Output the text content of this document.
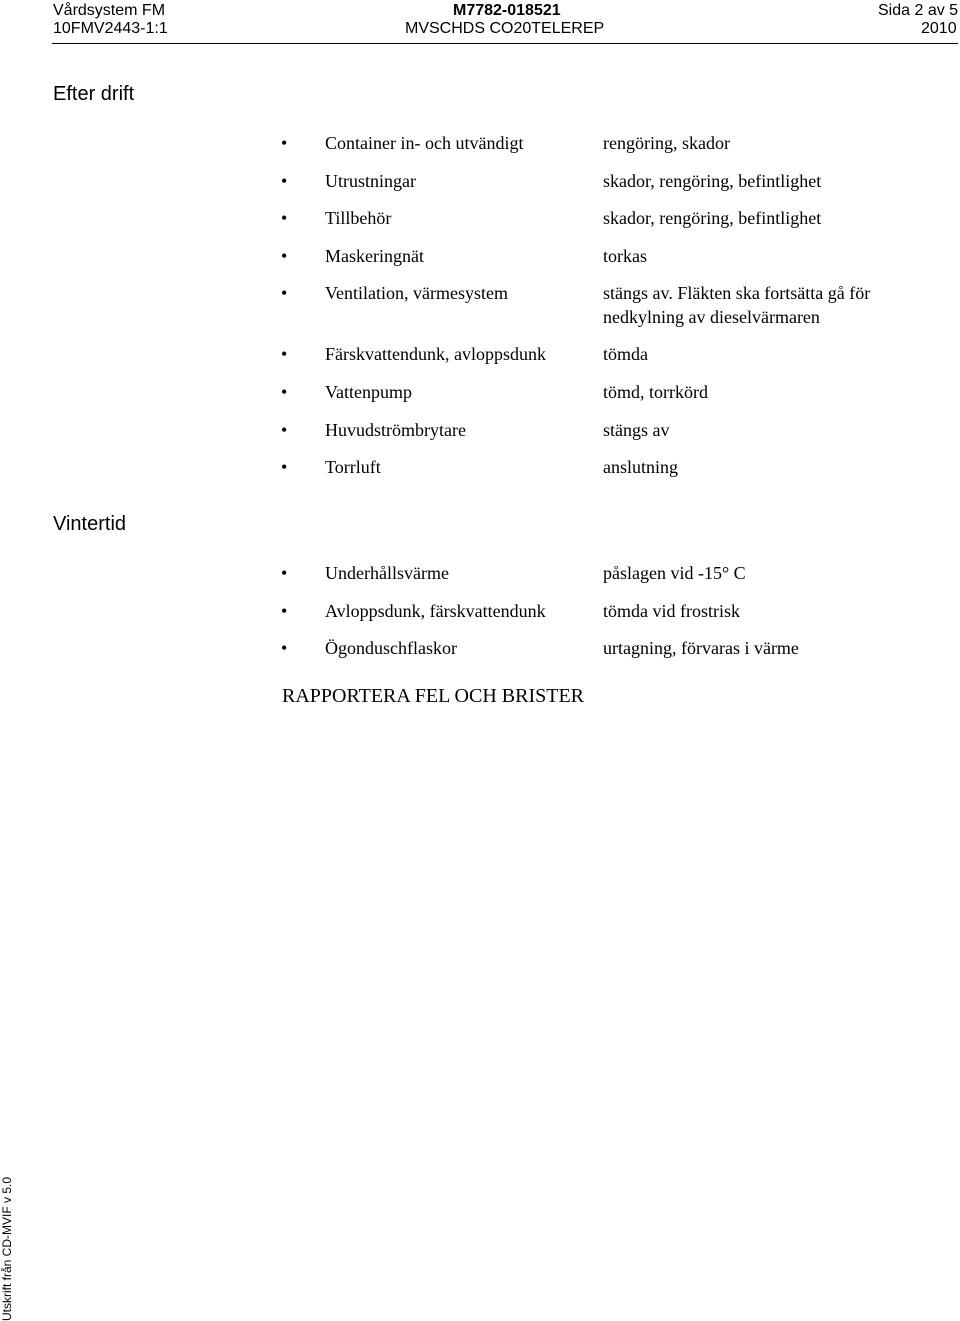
Vårdsystem FM	M7782-018521	Sida 2 av 5
10FMV2443-1:1	MVSCHDS CO20TELEREP	2010
Efter drift
• Container in- och utvändigt	rengöring, skador
• Utrustningar	skador, rengöring, befintlighet
• Tillbehör	skador, rengöring, befintlighet
• Maskeringnät	torkas
• Ventilation, värmesystem	stängs av. Fläkten ska fortsätta gå för nedkylning av dieselvärmaren
• Färskvattendunk, avloppsdunk	tömda
• Vattenpump	tömd, torrkörd
• Huvudströmbrytare	stängs av
• Torrluft	anslutning
Vintertid
• Underhållsvärme	påslagen vid -15° C
• Avloppsdunk, färskvattendunk	tömda vid frostrisk
• Ögonduschflaskor	urtagning, förvaras i värme
RAPPORTERA FEL OCH BRISTER
Utskrift från CD-MVIF v 5.0
